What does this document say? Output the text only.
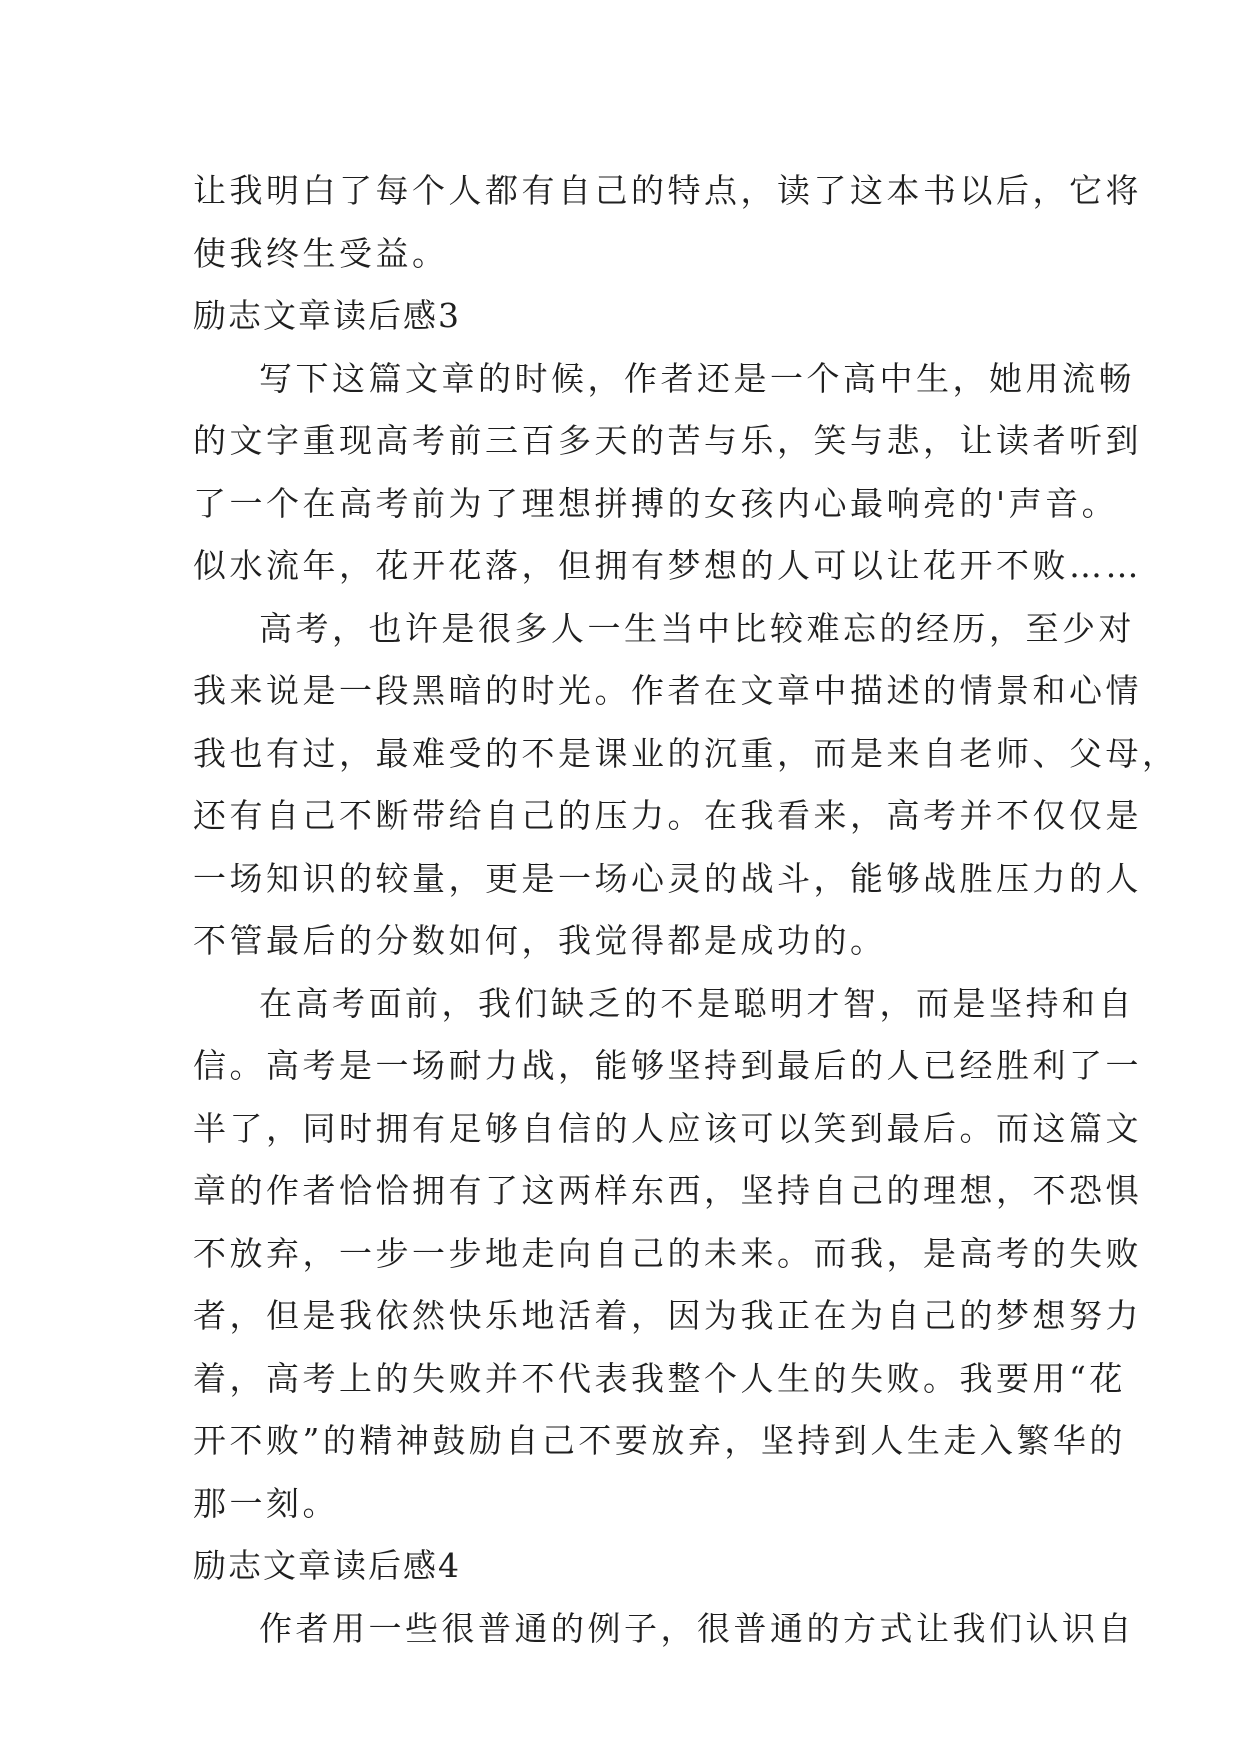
让我明白了每个人都有自己的特点，读了这本书以后，它将
使我终生受益。
励志文章读后感3
写下这篇文章的时候，作者还是一个高中生，她用流畅
的文字重现高考前三百多天的苦与乐，笑与悲，让读者听到
了一个在高考前为了理想拼搏的女孩内心最响亮的'声音。
似水流年，花开花落，但拥有梦想的人可以让花开不败……
高考，也许是很多人一生当中比较难忘的经历，至少对
我来说是一段黑暗的时光。作者在文章中描述的情景和心情
我也有过，最难受的不是课业的沉重，而是来自老师、父母，
还有自己不断带给自己的压力。在我看来，高考并不仅仅是
一场知识的较量，更是一场心灵的战斗，能够战胜压力的人
不管最后的分数如何，我觉得都是成功的。
在高考面前，我们缺乏的不是聪明才智，而是坚持和自
信。高考是一场耐力战，能够坚持到最后的人已经胜利了一
半了，同时拥有足够自信的人应该可以笑到最后。而这篇文
章的作者恰恰拥有了这两样东西，坚持自己的理想，不恐惧
不放弃，一步一步地走向自己的未来。而我，是高考的失败
者，但是我依然快乐地活着，因为我正在为自己的梦想努力
着，高考上的失败并不代表我整个人生的失败。我要用“花
开不败”的精神鼓励自己不要放弃，坚持到人生走入繁华的
那一刻。
励志文章读后感4
作者用一些很普通的例子，很普通的方式让我们认识自
